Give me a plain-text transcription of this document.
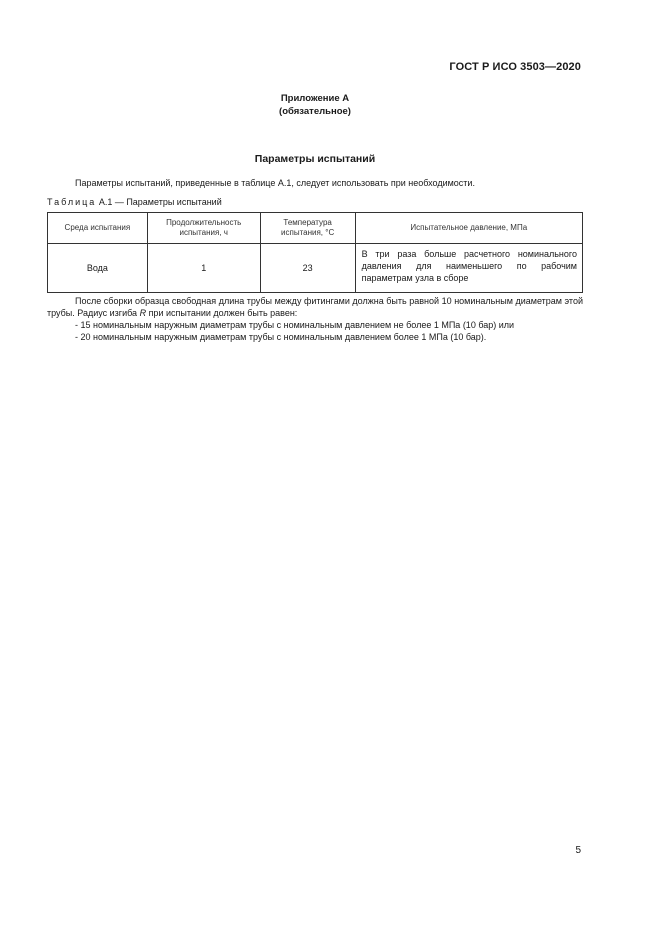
ГОСТ Р ИСО 3503—2020
Приложение А
(обязательное)
Параметры испытаний
Параметры испытаний, приведенные в таблице А.1, следует использовать при необходимости.
Таблица А.1 — Параметры испытаний
Среда испытания	Продолжительность испытания, ч	Температура испытания, °С	Испытательное давление, МПа
Вода	1	23	В три раза больше расчетного номинального давления для наименьшего по рабочим параметрам узла в сборе

После сборки образца свободная длина трубы между фитингами должна быть равной 10 номинальным диаметрам этой трубы. Радиус изгиба R при испытании должен быть равен:

- 15 номинальным наружным диаметрам трубы с номинальным давлением не более 1 МПа (10 бар) или

- 20 номинальным наружным диаметрам трубы с номинальным давлением более 1 МПа (10 бар).

5
